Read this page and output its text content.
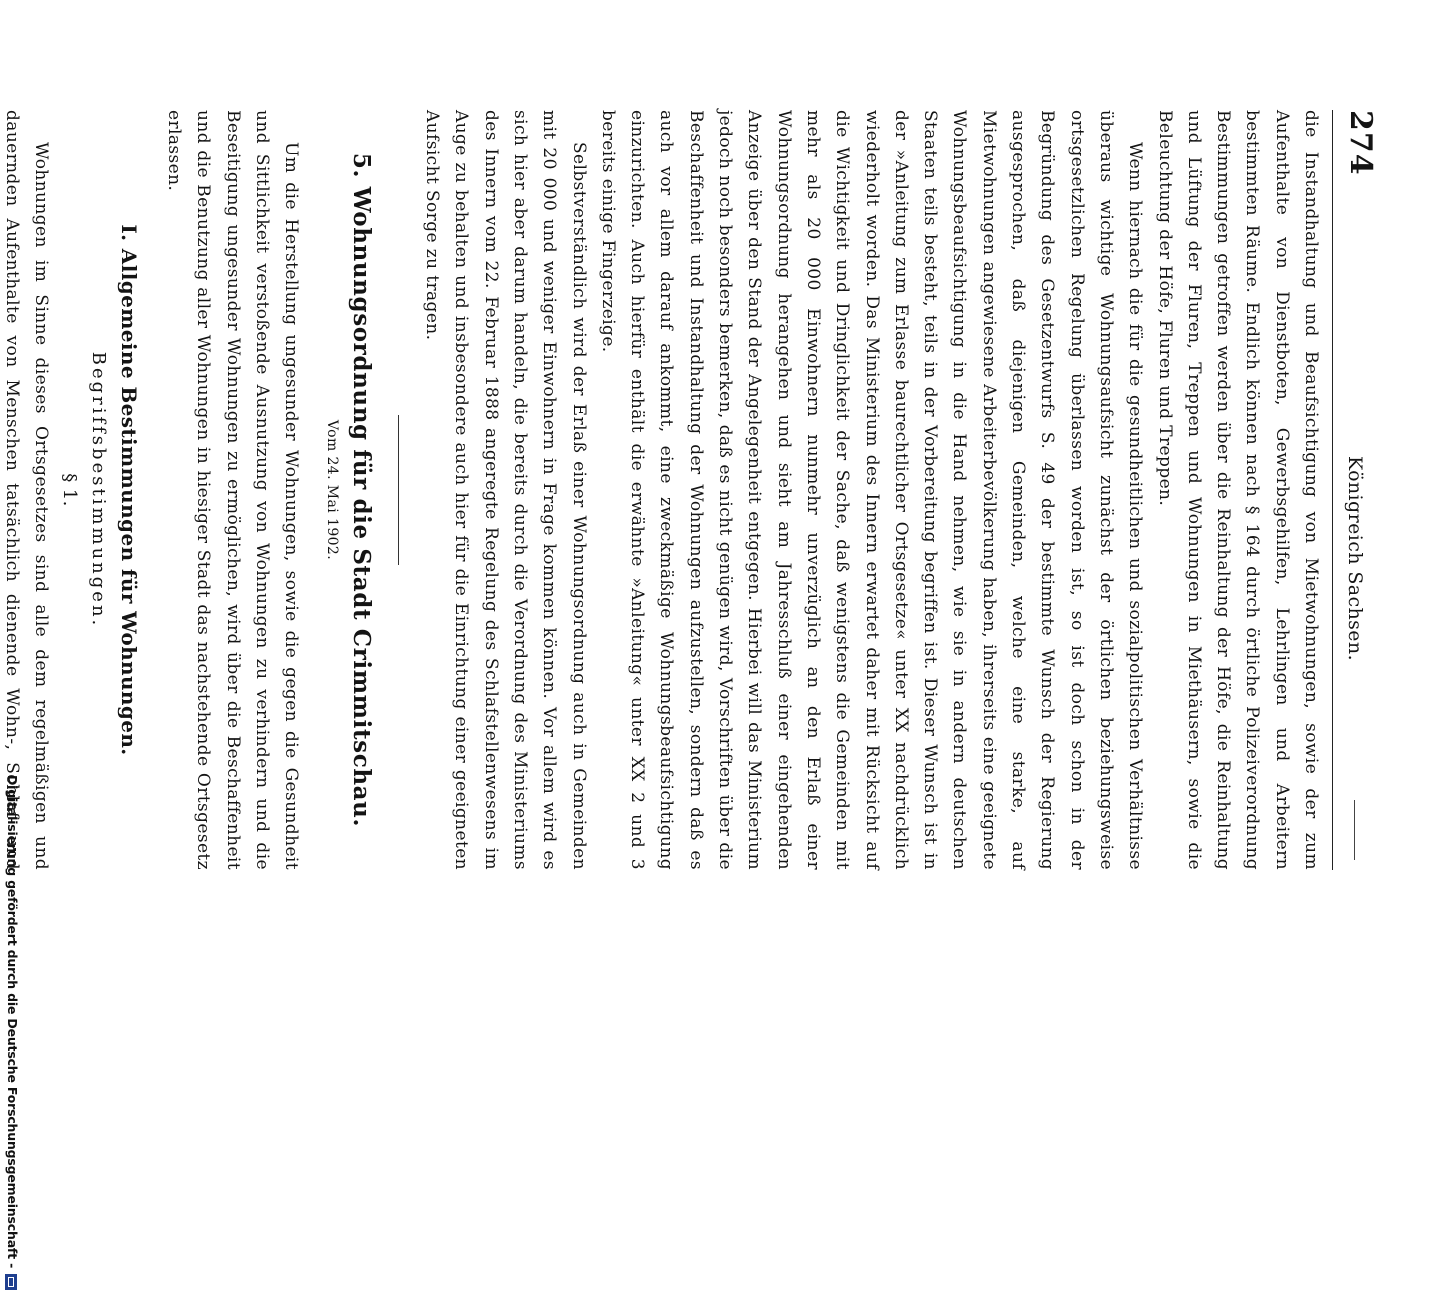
274
Königreich Sachsen.

die Instandhaltung und Beaufsichtigung von Mietwohnungen, sowie der zum Aufenthalte von Dienstboten, Gewerbsgehilfen, Lehrlingen und Arbeitern bestimmten Räume. Endlich können nach § 164 durch örtliche Polizeiverordnung Bestimmungen getroffen werden über die Reinhaltung der Höfe, die Reinhaltung und Lüftung der Fluren, Treppen und Wohnungen in Miethäusern, sowie die Beleuchtung der Höfe, Fluren und Treppen.

Wenn hiernach die für die gesundheitlichen und sozialpolitischen Verhältnisse überaus wichtige Wohnungsaufsicht zunächst der örtlichen beziehungsweise ortsgesetzlichen Regelung überlassen worden ist, so ist doch schon in der Begründung des Gesetzentwurfs S. 49 der bestimmte Wunsch der Regierung ausgesprochen, daß diejenigen Gemeinden, welche eine starke, auf Mietwohnungen angewiesene Arbeiterbevölkerung haben, ihrerseits eine geeignete Wohnungsbeaufsichtigung in die Hand nehmen, wie sie in andern deutschen Staaten teils besteht, teils in der Vorbereitung begriffen ist. Dieser Wunsch ist in der »Anleitung zum Erlasse baurechtlicher Ortsgesetze« unter XX nachdrücklich wiederholt worden. Das Ministerium des Innern erwartet daher mit Rücksicht auf die Wichtigkeit und Dringlichkeit der Sache, daß wenigstens die Gemeinden mit mehr als 20 000 Einwohnern nunmehr unverzüglich an den Erlaß einer Wohnungsordnung herangehen und sieht am Jahresschluß einer eingehenden Anzeige über den Stand der Angelegenheit entgegen. Hierbei will das Ministerium jedoch noch besonders bemerken, daß es nicht genügen wird, Vorschriften über die Beschaffenheit und Instandhaltung der Wohnungen aufzustellen, sondern daß es auch vor allem darauf ankommt, eine zweckmäßige Wohnungsbeaufsichtigung einzurichten. Auch hierfür enthält die erwähnte »Anleitung« unter XX 2 und 3 bereits einige Fingerzeige.

Selbstverständlich wird der Erlaß einer Wohnungsordnung auch in Gemeinden mit 20 000 und weniger Einwohnern in Frage kommen können. Vor allem wird es sich hier aber darum handeln, die bereits durch die Verordnung des Ministeriums des Innern vom 22. Februar 1888 angeregte Regelung des Schlafstellenwesens im Auge zu behalten und insbesondere auch hier für die Einrichtung einer geeigneten Aufsicht Sorge zu tragen.

5. Wohnungsordnung für die Stadt Crimmitschau.
Vom 24. Mai 1902.

Um die Herstellung ungesunder Wohnungen, sowie die gegen die Gesundheit und Sittlichkeit verstoßende Ausnutzung von Wohnungen zu verhindern und die Beseitigung ungesunder Wohnungen zu ermöglichen, wird über die Beschaffenheit und die Benutzung aller Wohnungen in hiesiger Stadt das nachstehende Ortsgesetz erlassen.

I. Allgemeine Bestimmungen für Wohnungen.
Begriffsbestimmungen.
§ 1.

Wohnungen im Sinne dieses Ortsgesetzes sind alle dem regelmäßigen und dauernden Aufenthalte von Menschen tatsächlich dienende Wohn-, Schlaf- und

Digitalisierung gefördert durch die Deutsche Forschungsgemeinschaft -
